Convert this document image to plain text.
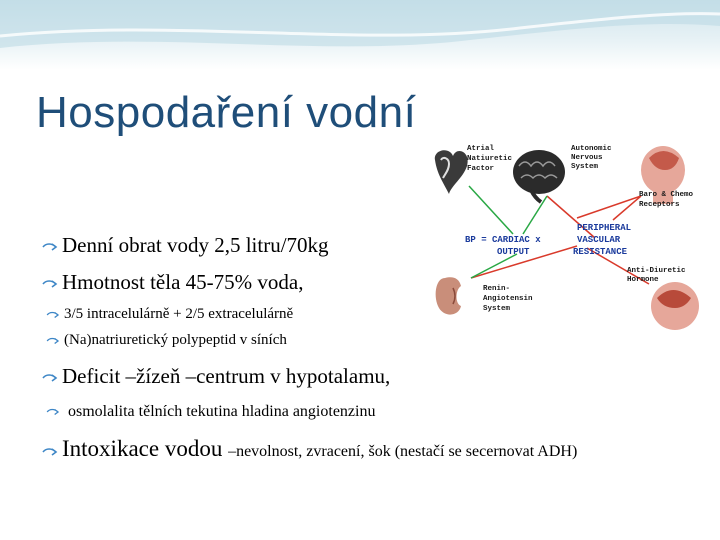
Hospodaření vodní
Atrial
Natiuretic
Factor
Autonomic
Nervous
System
Baro & Chemo
Receptors
Anti-Diuretic
Hormone
Renin-
Angiotensin
System
BP = CARDIAC x
OUTPUT
PERIPHERAL
VASCULAR
RESISTANCE
Denní obrat vody 2,5 litru/70kg
Hmotnost těla 45-75% voda,
3/5 intracelulárně + 2/5 extracelulárně
(Na)natriuretický polypeptid v síních
Deficit –žízeň –centrum v hypotalamu,
osmolalita tělních tekutina hladina angiotenzinu
Intoxikace vodou –nevolnost, zvracení, šok (nestačí se secernovat ADH)
